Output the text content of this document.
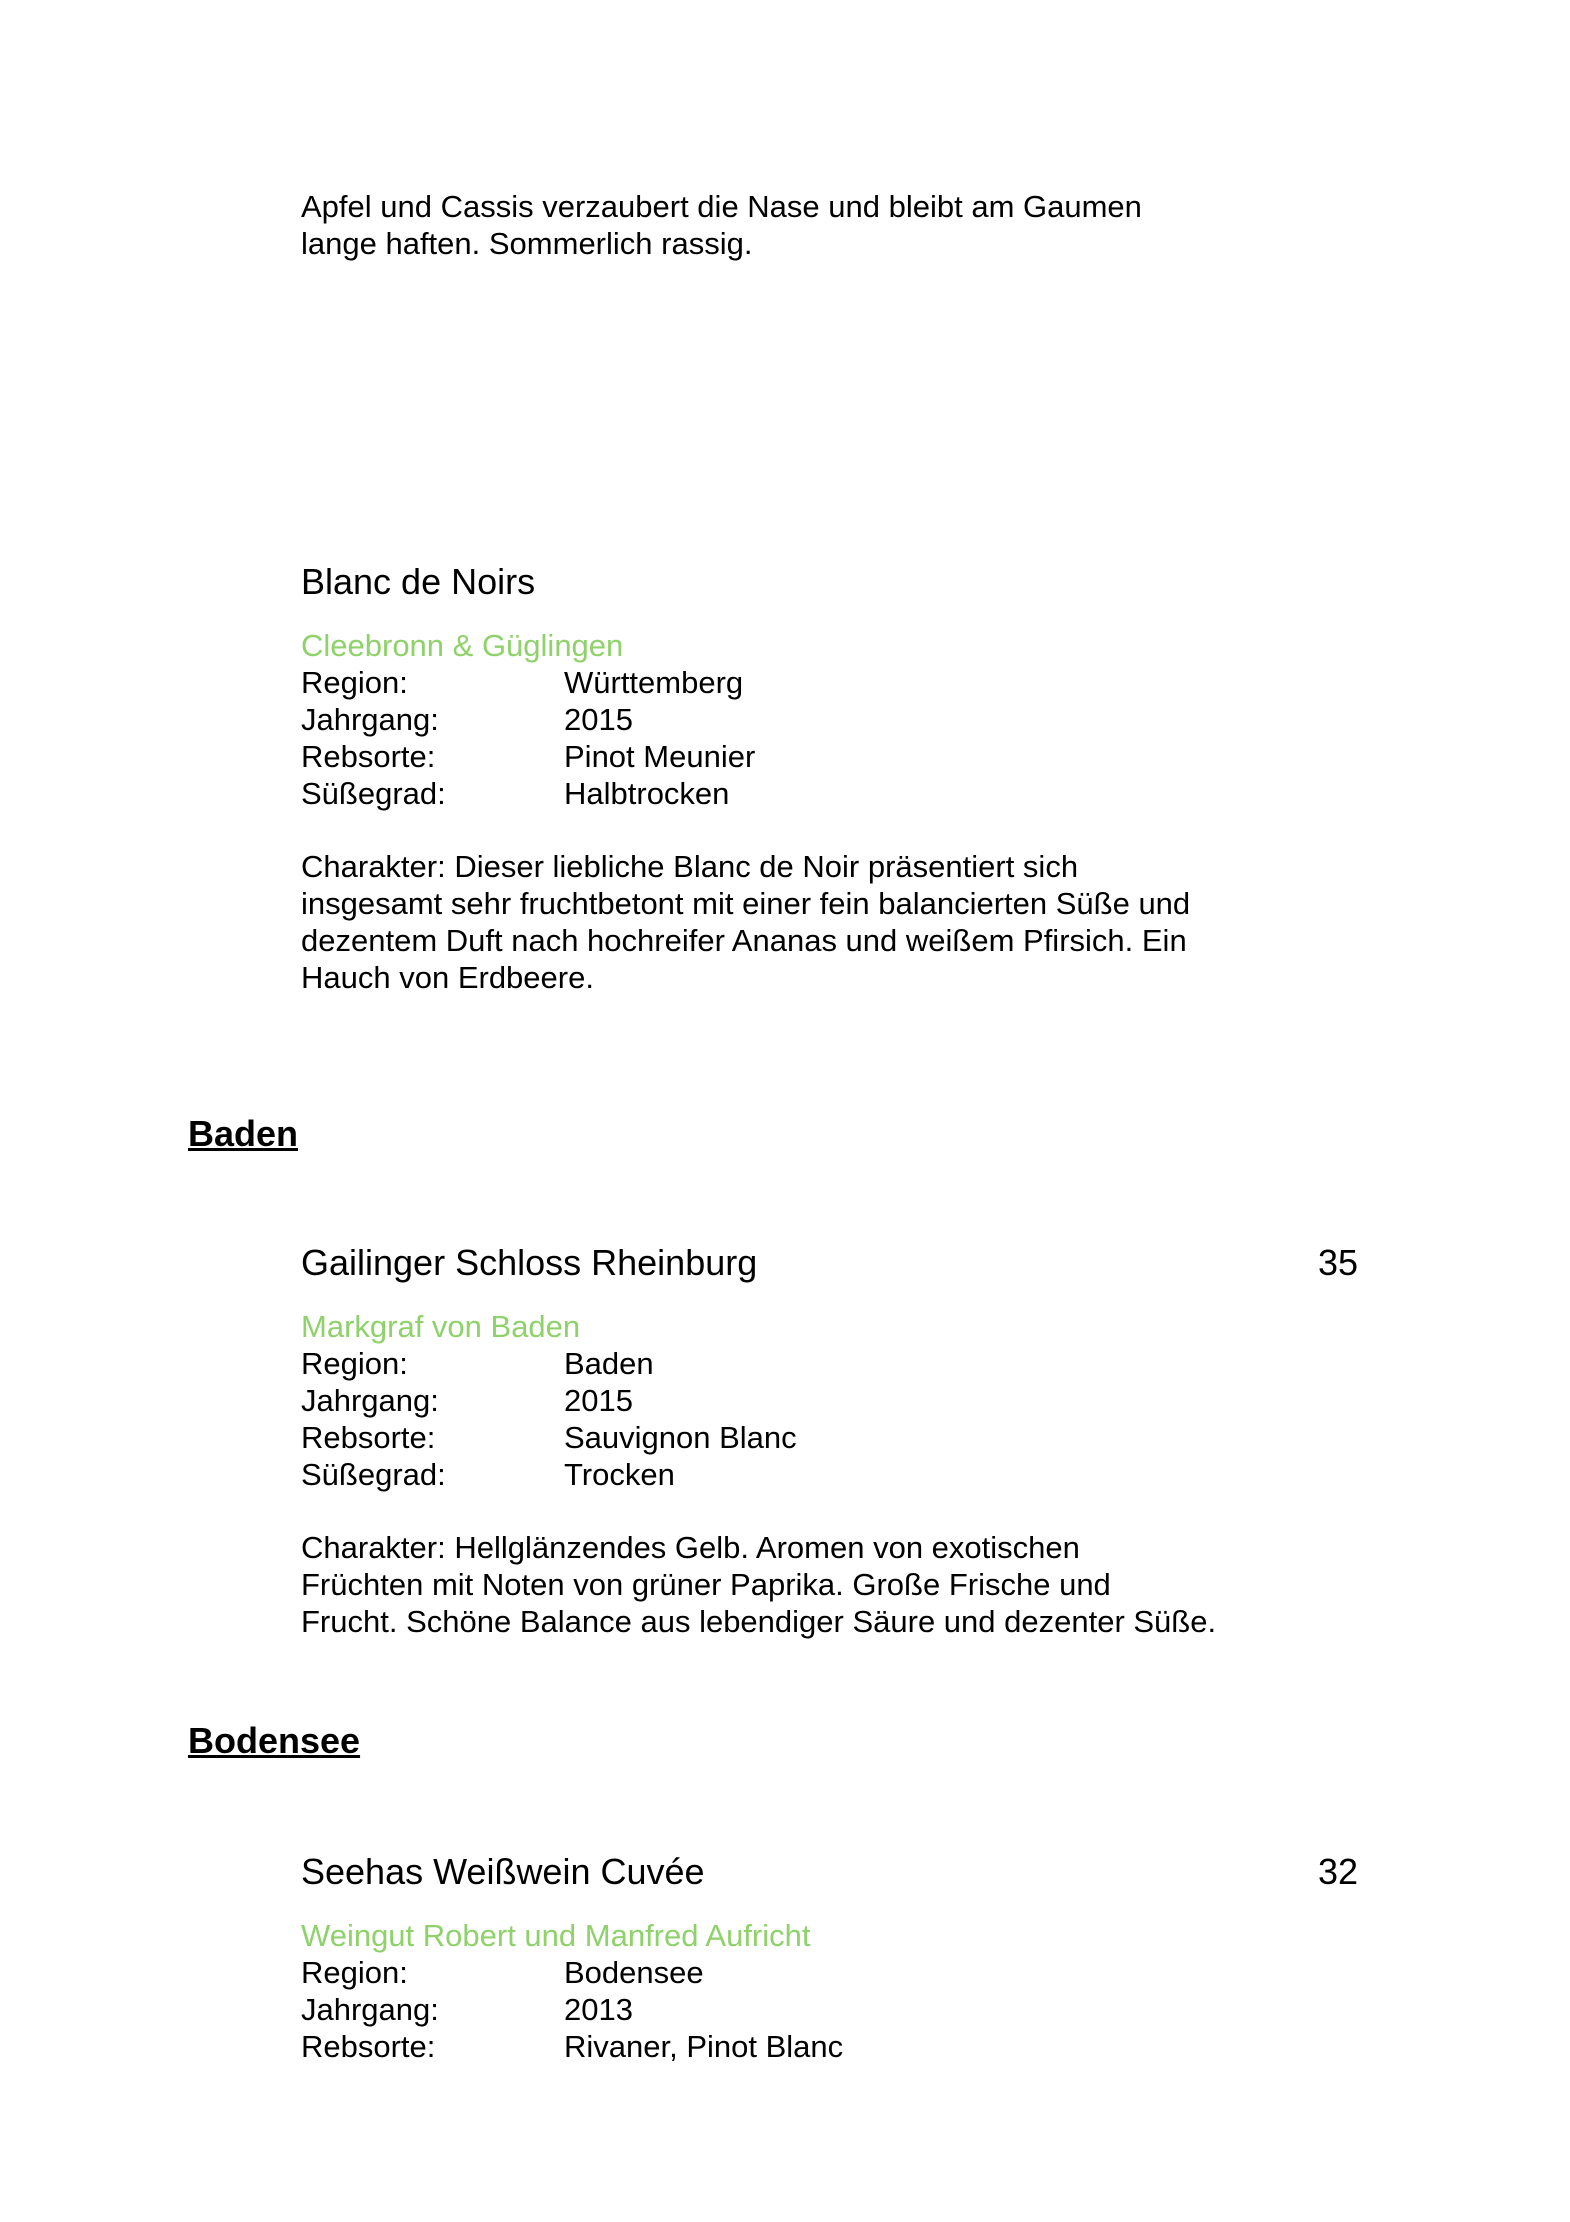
Apfel und Cassis verzaubert die Nase und bleibt am Gaumen
lange haften. Sommerlich rassig.

Blanc de Noirs
Cleebronn & Güglingen
Region:	Württemberg
Jahrgang:	2015
Rebsorte:	Pinot Meunier
Süßegrad:	Halbtrocken

Charakter: Dieser liebliche Blanc de Noir präsentiert sich
insgesamt sehr fruchtbetont mit einer fein balancierten Süße und
dezentem Duft nach hochreifer Ananas und weißem Pfirsich. Ein
Hauch von Erdbeere.

Baden
Gailinger Schloss Rheinburg	35
Markgraf von Baden
Region:	Baden
Jahrgang:	2015
Rebsorte:	Sauvignon Blanc
Süßegrad:	Trocken

Charakter: Hellglänzendes Gelb. Aromen von exotischen
Früchten mit Noten von grüner Paprika. Große Frische und
Frucht. Schöne Balance aus lebendiger Säure und dezenter Süße.

Bodensee
Seehas Weißwein Cuvée	32
Weingut Robert und Manfred Aufricht
Region:	Bodensee
Jahrgang:	2013
Rebsorte:	Rivaner, Pinot Blanc
